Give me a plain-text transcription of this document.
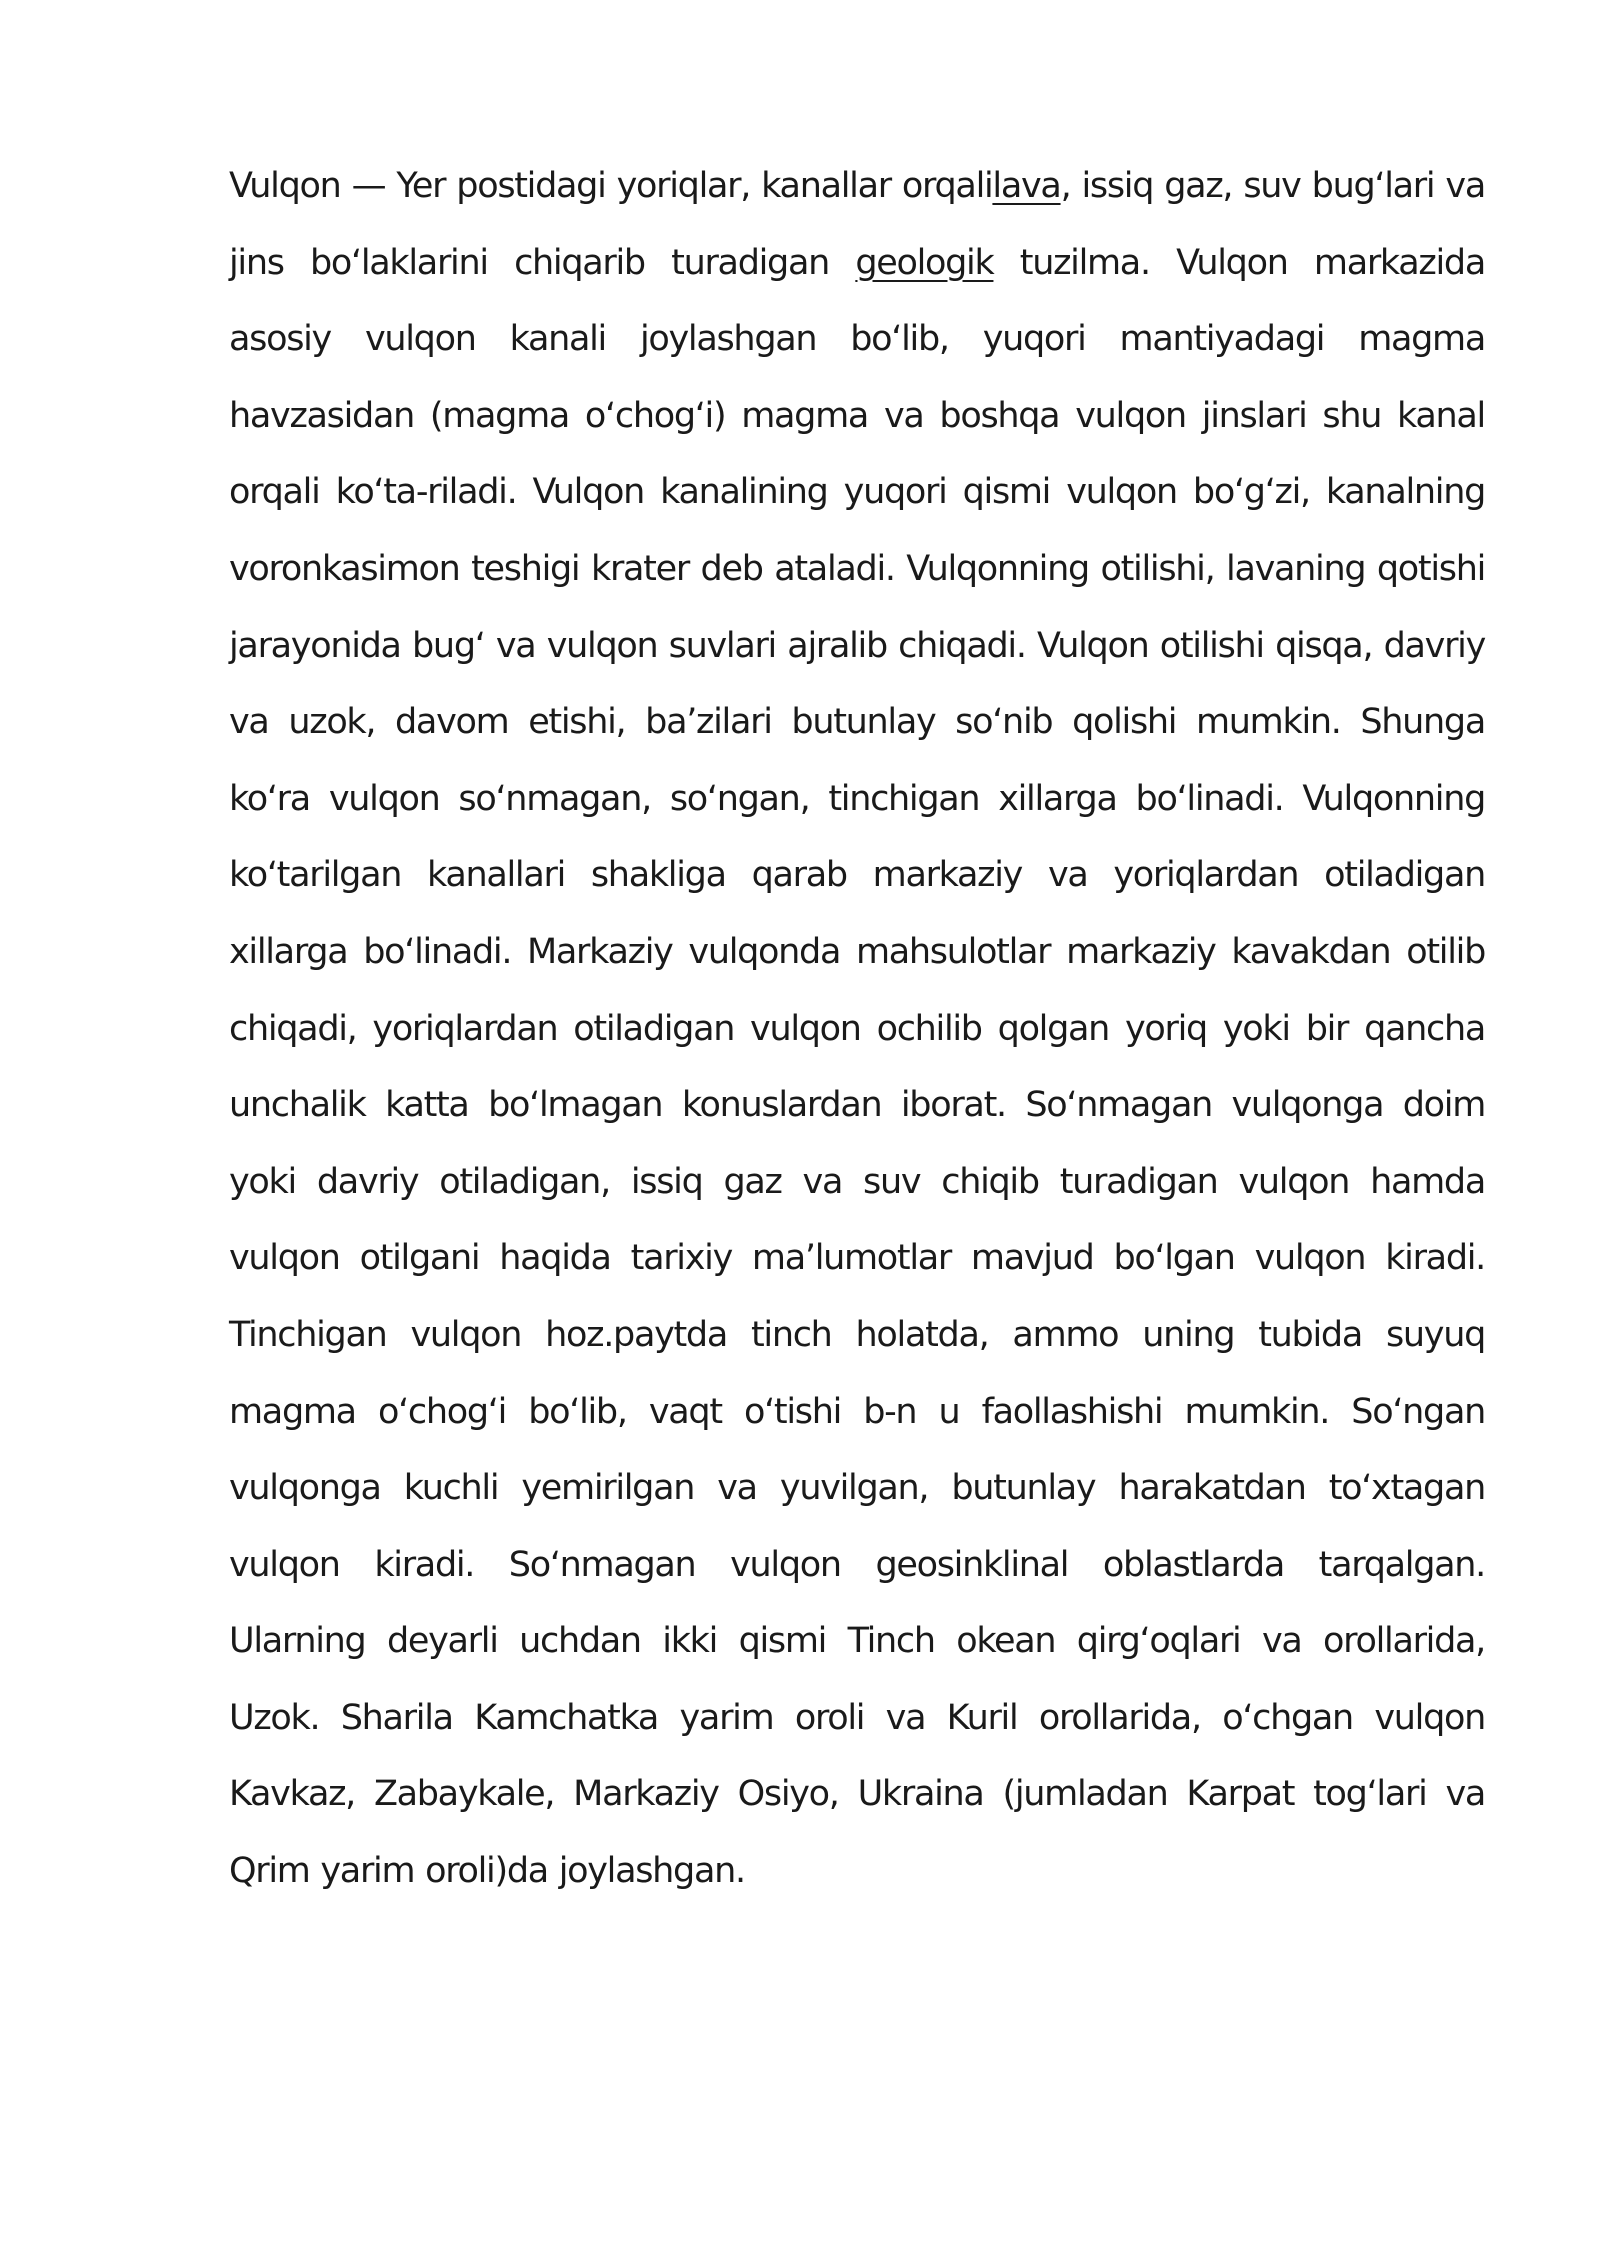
Vulqon — Yer postidagi yoriqlar, kanallar orqalilava, issiq gaz, suv bugʻlari va jins boʻlaklarini chiqarib turadigan geologik tuzilma. Vulqon markazida asosiy vulqon kanali joylashgan boʻlib, yuqori mantiyadagi magma havzasidan (magma oʻchogʻi) magma va boshqa vulqon jinslari shu kanal orqali koʻta-riladi. Vulqon kanalining yuqori qismi vulqon boʻgʻzi, kanalning voronkasimon teshigi krater deb ataladi. Vulqonning otilishi, lavaning qotishi jarayonida bugʻ va vulqon suvlari ajralib chiqadi. Vulqon otilishi qisqa, davriy va uzok, davom etishi, baʼzilari butunlay soʻnib qolishi mumkin. Shunga koʻra vulqon soʻnmagan, soʻngan, tinchigan xillarga boʻlinadi. Vulqonning koʻtarilgan kanallari shakliga qarab markaziy va yoriqlardan otiladigan xillarga boʻlinadi. Markaziy vulqonda mahsulotlar markaziy kavakdan otilib chiqadi, yoriqlardan otiladigan vulqon ochilib qolgan yoriq yoki bir qancha unchalik katta boʻlmagan konuslardan iborat. Soʻnmagan vulqonga doim yoki davriy otiladigan, issiq gaz va suv chiqib turadigan vulqon hamda vulqon otilgani haqida tarixiy maʼlumotlar mavjud boʻlgan vulqon kiradi. Tinchigan vulqon hoz.paytda tinch holatda, ammo uning tubida suyuq magma oʻchogʻi boʻlib, vaqt oʻtishi b-n u faollashishi mumkin. Soʻngan vulqonga kuchli yemirilgan va yuvilgan, butunlay harakatdan toʻxtagan vulqon kiradi. Soʻnmagan vulqon geosinklinal oblastlarda tarqalgan. Ularning deyarli uchdan ikki qismi Tinch okean qirgʻoqlari va orollarida, Uzok. Sharila Kamchatka yarim oroli va Kuril orollarida, oʻchgan vulqon Kavkaz, Zabaykale, Markaziy Osiyo, Ukraina (jumladan Karpat togʻlari va Qrim yarim oroli)da joylashgan.
